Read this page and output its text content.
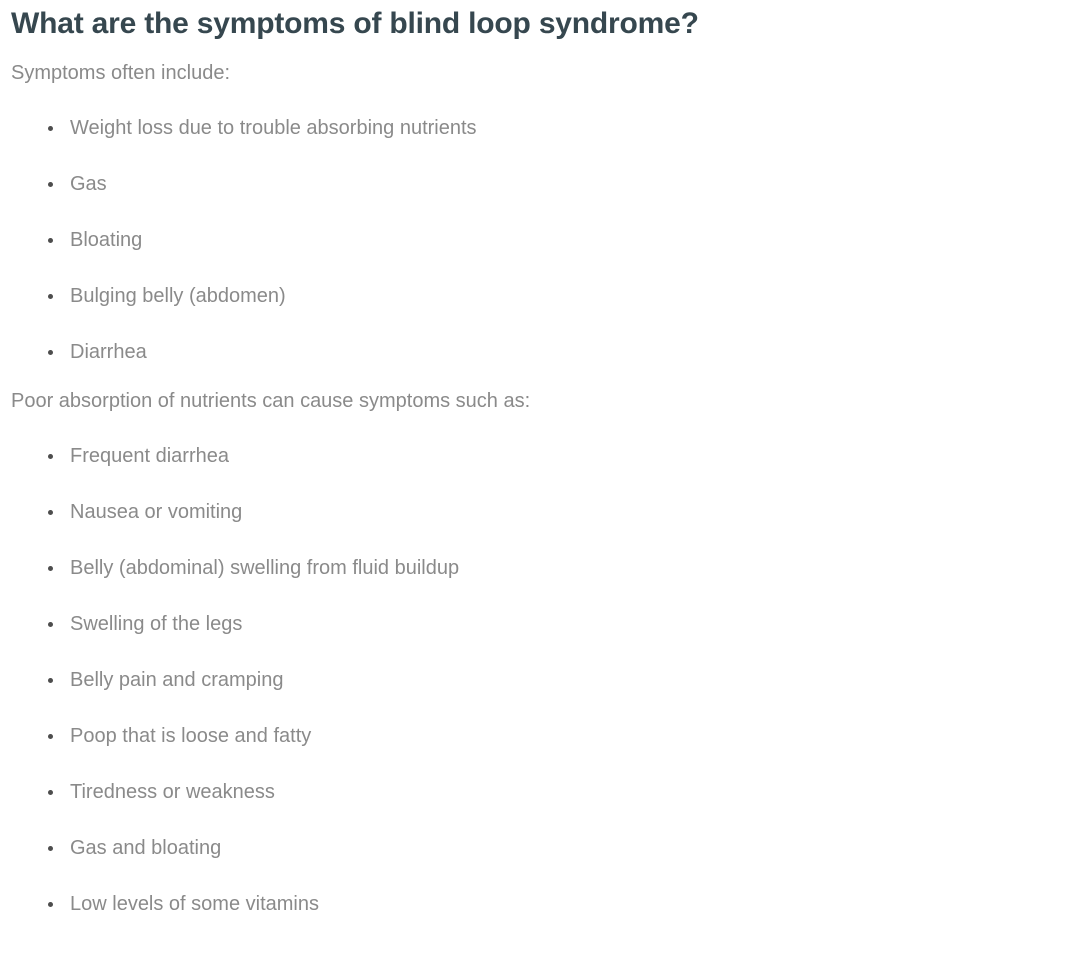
What are the symptoms of blind loop syndrome?

Symptoms often include:

• Weight loss due to trouble absorbing nutrients
• Gas
• Bloating
• Bulging belly (abdomen)
• Diarrhea

Poor absorption of nutrients can cause symptoms such as:

• Frequent diarrhea
• Nausea or vomiting
• Belly (abdominal) swelling from fluid buildup
• Swelling of the legs
• Belly pain and cramping
• Poop that is loose and fatty
• Tiredness or weakness
• Gas and bloating
• Low levels of some vitamins
